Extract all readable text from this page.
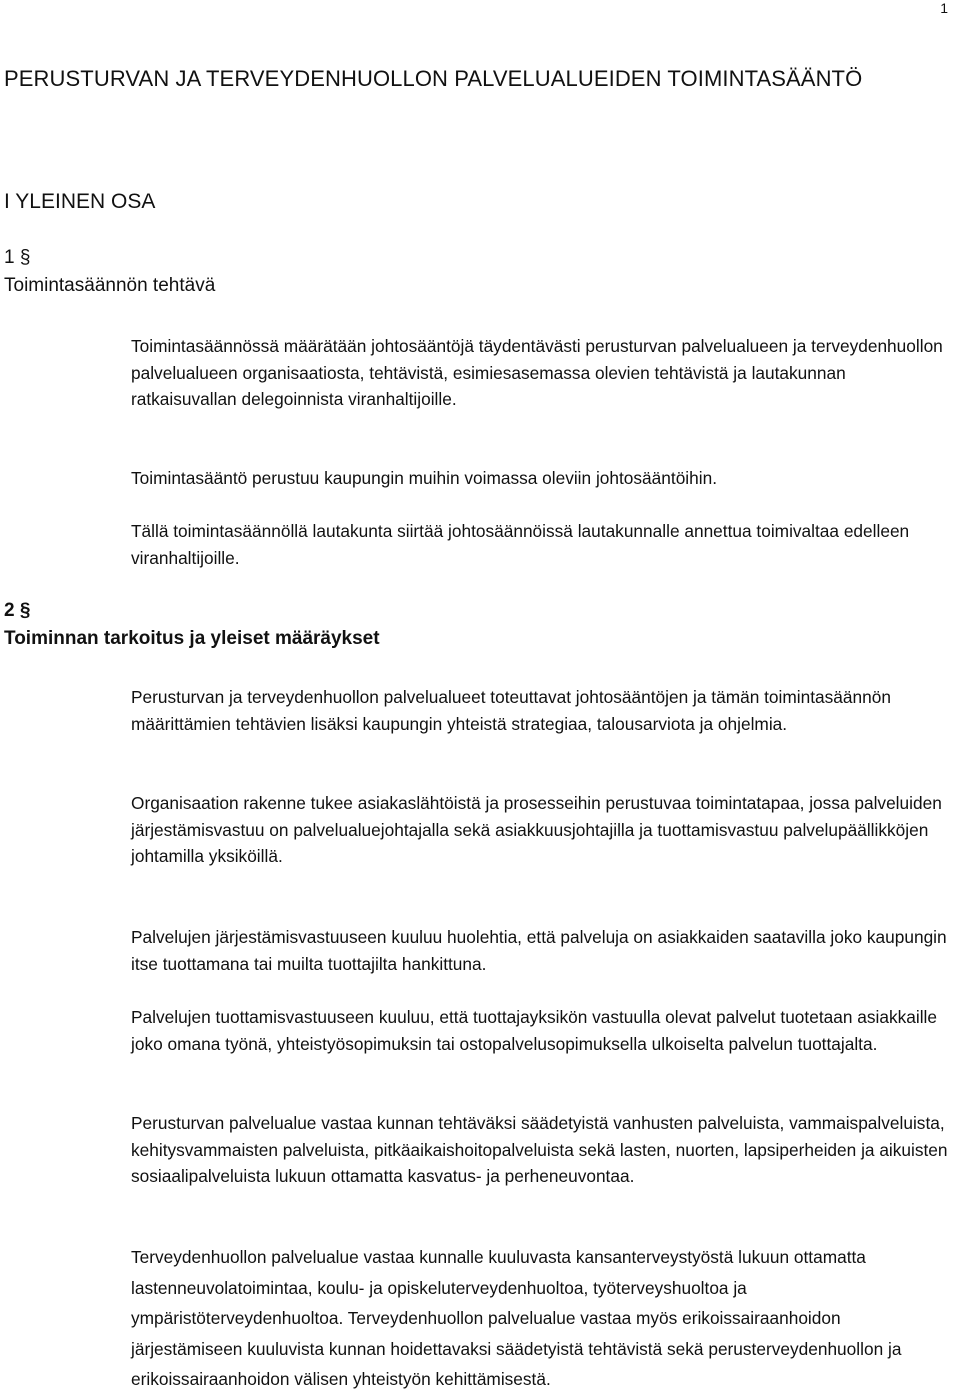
1
PERUSTURVAN JA TERVEYDENHUOLLON PALVELUALUEIDEN TOIMINTASÄÄNTÖ
I YLEINEN OSA
1 §
Toimintasäännön tehtävä

Toimintasäännössä määrätään johtosääntöjä täydentävästi perusturvan palvelualueen ja terveydenhuollon palvelualueen organisaatiosta, tehtävistä, esimiesasemassa olevien tehtävistä ja lautakunnan ratkaisuvallan delegoinnista viranhaltijoille.

Toimintasääntö perustuu kaupungin muihin voimassa oleviin johtosääntöihin.

Tällä toimintasäännöllä lautakunta siirtää johtosäännöissä lautakunnalle annettua toimivaltaa edelleen viranhaltijoille.

2 §
Toiminnan tarkoitus ja yleiset määräykset

Perusturvan ja terveydenhuollon palvelualueet toteuttavat johtosääntöjen ja tämän toimintasäännön määrittämien tehtävien lisäksi kaupungin yhteistä strategiaa, talousarviota ja ohjelmia.

Organisaation rakenne tukee asiakaslähtöistä ja prosesseihin perustuvaa toimintatapaa, jossa palveluiden järjestämisvastuu on palvelualuejohtajalla sekä asiakkuusjohtajilla ja tuottamisvastuu palvelupäällikköjen johtamilla yksiköillä.

Palvelujen järjestämisvastuuseen kuuluu huolehtia, että palveluja on asiakkaiden saatavilla joko kaupungin itse tuottamana tai muilta tuottajilta hankittuna.

Palvelujen tuottamisvastuuseen kuuluu, että tuottajayksikön vastuulla olevat palvelut tuotetaan asiakkaille joko omana työnä, yhteistyösopimuksin tai ostopalvelusopimuksella ulkoiselta palvelun tuottajalta.

Perusturvan palvelualue vastaa kunnan tehtäväksi säädetyistä vanhusten palveluista, vammaispalveluista, kehitysvammaisten palveluista, pitkäaikaishoitopalveluista sekä lasten, nuorten, lapsiperheiden ja aikuisten sosiaalipalveluista lukuun ottamatta kasvatus- ja perheneuvontaa.

Terveydenhuollon palvelualue vastaa kunnalle kuuluvasta kansanterveystyöstä lukuun ottamatta lastenneuvolatoimintaa, koulu- ja opiskeluterveydenhuoltoa, työterveyshuoltoa ja ympäristöterveydenhuoltoa. Terveydenhuollon palvelualue vastaa myös erikoissairaanhoidon järjestämiseen kuuluvista kunnan hoidettavaksi säädetyistä tehtävistä sekä perusterveydenhuollon ja erikoissairaanhoidon välisen yhteistyön kehittämisestä.
